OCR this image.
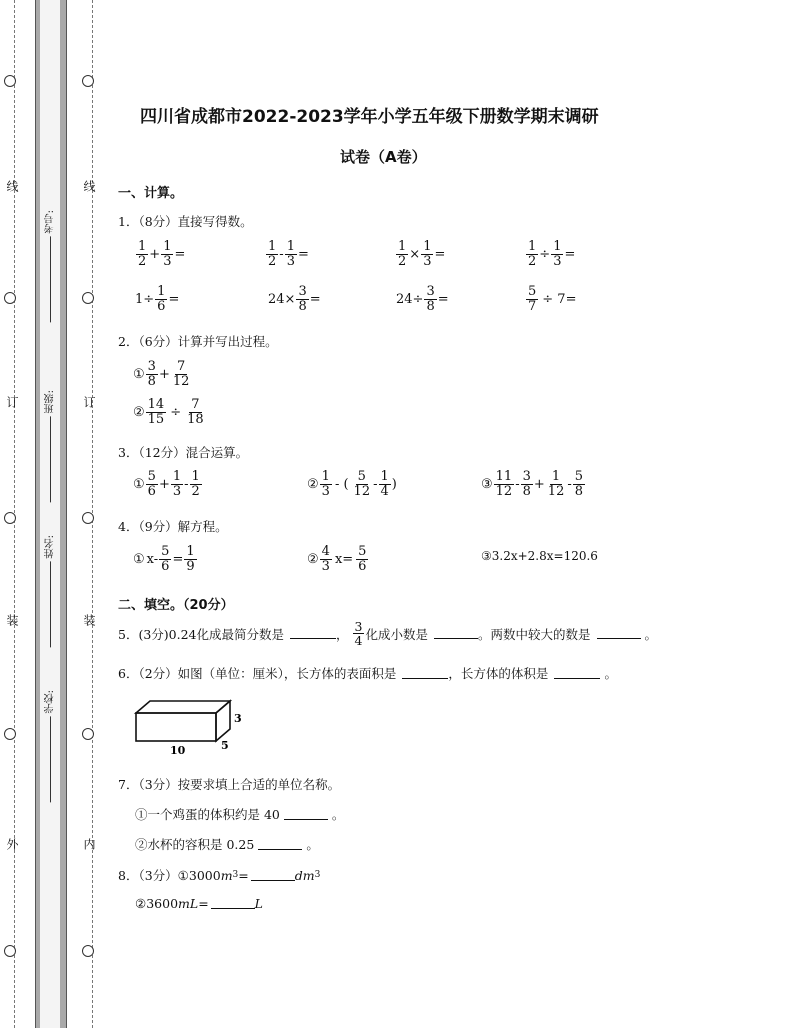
线
订
装
外
线
订
装
内
考号:
班级:
姓名:
学校:
四川省成都市2022-2023学年小学五年级下册数学期末调研
试卷（A卷）
一、计算。
1．（8分）直接写得数。
$\frac{1}{2} + \frac{1}{3}$ =	$\frac{1}{2} - \frac{1}{3}$ =	$\frac{1}{2} \times \frac{1}{3}$ =	$\frac{1}{2} \div \frac{1}{3}$ =
$1\div \frac{1}{6}$ =	$24\times \frac{3}{8}$ =	$24\div \frac{3}{8}$ =	$\frac{5}{7} \div 7=$
2．（6分）计算并写出过程。
① $\frac{3}{8} + \frac{7}{12}$
② $\frac{14}{15} \div \frac{7}{18}$
3．（12分）混合运算。
① $\frac{5}{6} + \frac{1}{3} - \frac{1}{2}$	② $\frac{1}{3}$ - ( $\frac{5}{12} - \frac{1}{4}$ )	③ $\frac{11}{12} - \frac{3}{8} + \frac{1}{12} - \frac{5}{8}$
4．（9分）解方程。
① $x- \frac{5}{6} = \frac{1}{9}$	② $\frac{4}{3} x= \frac{5}{6}$	③ 3.2x+2.8x=120.6
二、填空。（20分）
5．(3分)0.24化成最简分数是	， $\frac{3}{4}$ 化成小数是	。两数中较大的数是	。
6．（2分）如图（单位：厘米），长方体的表面积是	，长方体的体积是	。
3
10	5
7．（3分）按要求填上合适的单位名称。
①一个鸡蛋的体积约是 40	。
②水杯的容积是 0.25	。
8．（3分） ①3000 m 3 =	dm 3
②3600 mL =	L
